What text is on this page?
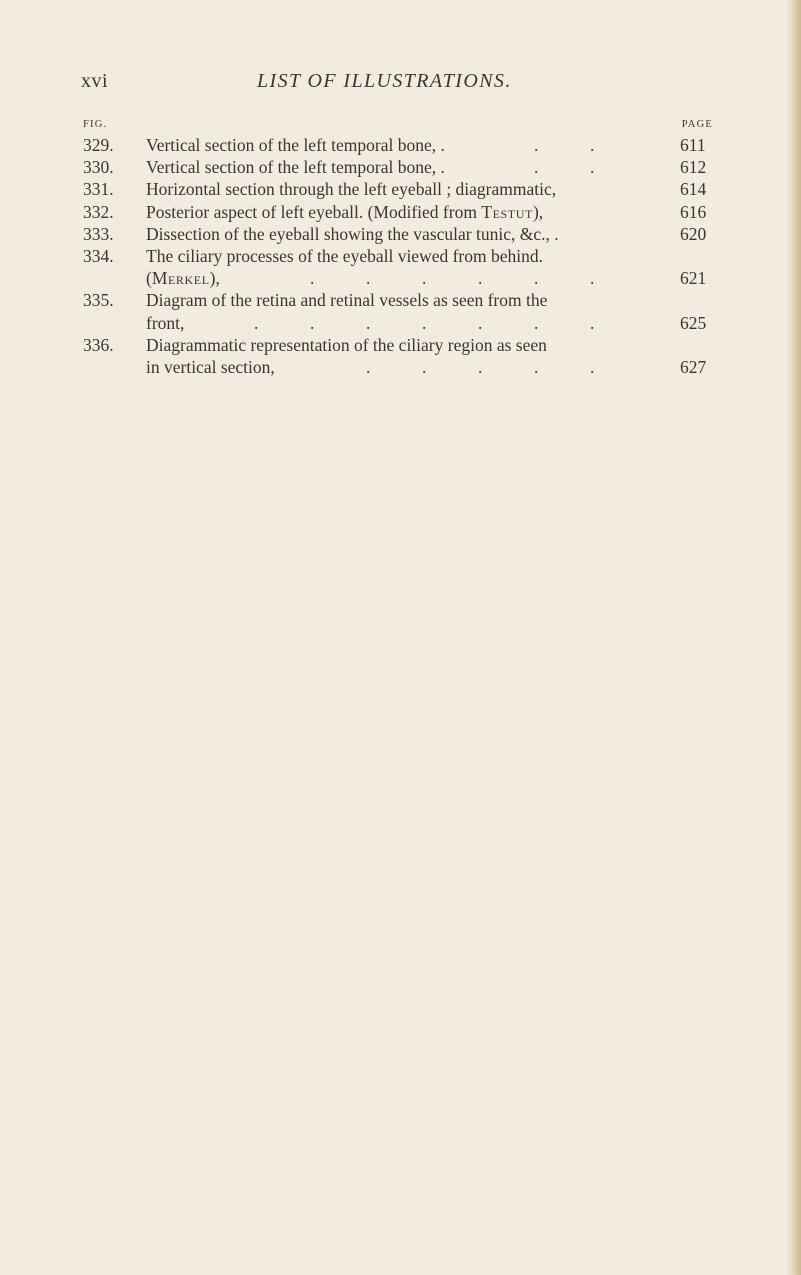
xvi	LIST OF ILLUSTRATIONS.
FIG.	PAGE
329. Vertical section of the left temporal bone, .	.	.	611
330. Vertical section of the left temporal bone, .	.	.	612
331. Horizontal section through the left eyeball ; diagrammatic,	614
332. Posterior aspect of left eyeball. (Modified from Testut),	616
333. Dissection of the eyeball showing the vascular tunic, &c., .	620
334. The ciliary processes of the eyeball viewed from behind.
(Merkel),	.	.	.	.	.	.	621
335. Diagram of the retina and retinal vessels as seen from the
front,	.	.	.	.	.	.	.	625
336. Diagrammatic representation of the ciliary region as seen
in vertical section,	.	.	.	.	.	627
